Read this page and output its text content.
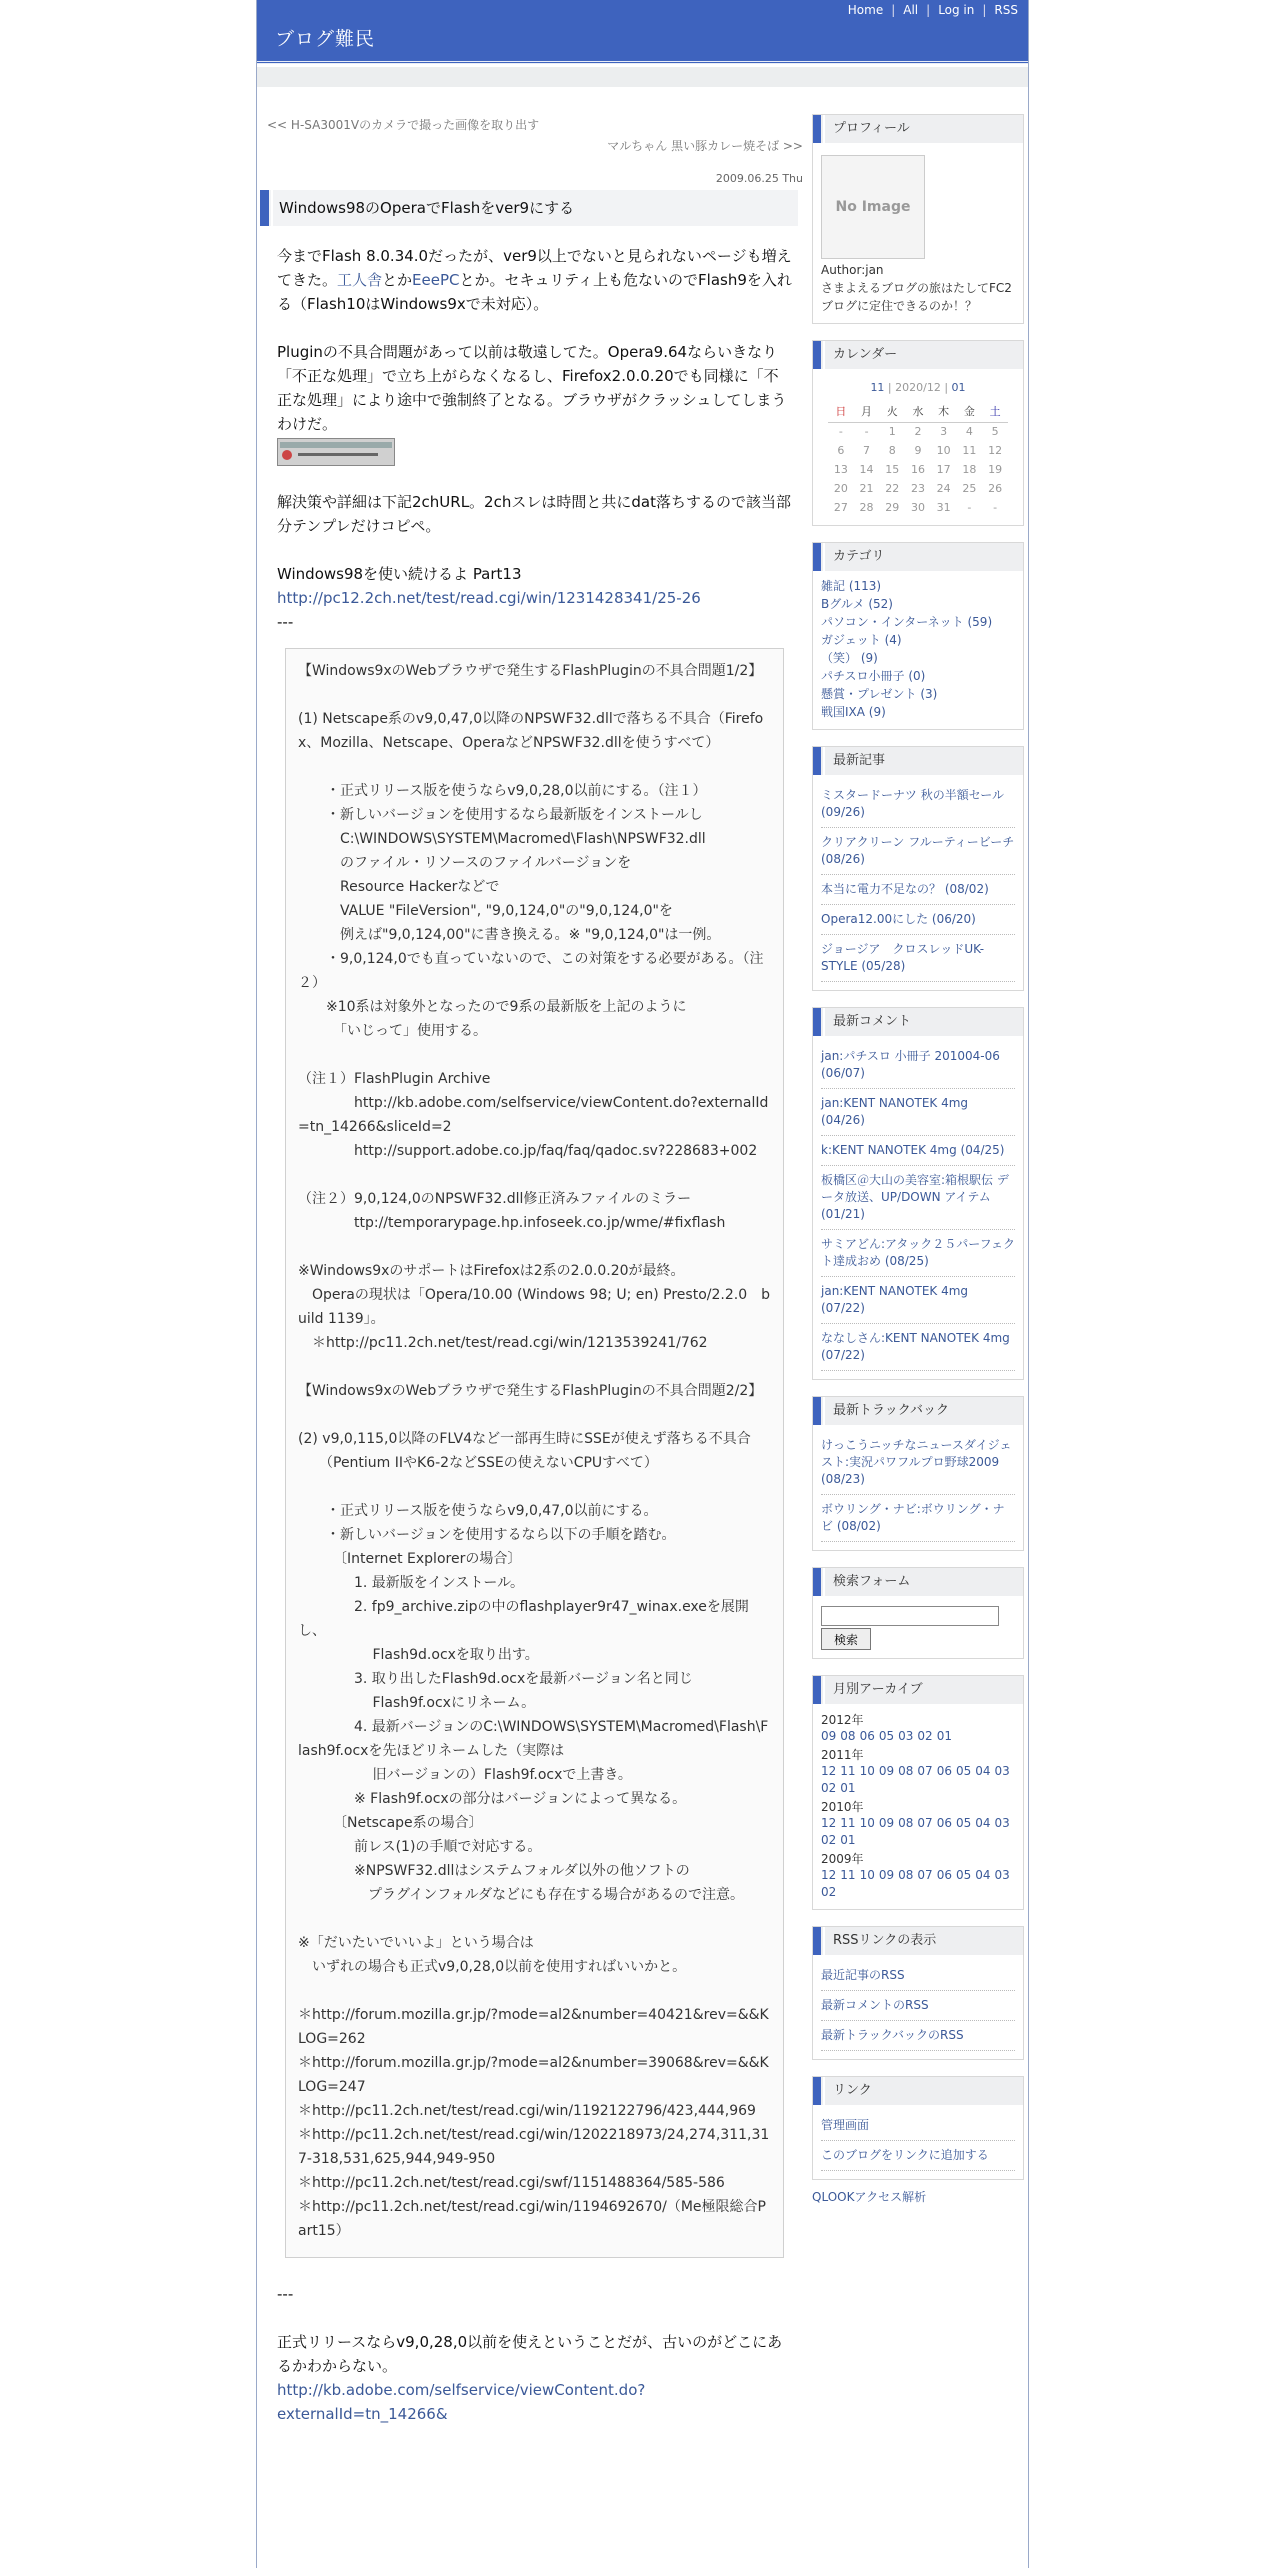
Home | All | Log in | RSS
ブログ難民
<< H-SA3001Vのカメラで撮った画像を取り出す
マルちゃん 黒い豚カレー焼そば >>
2009.06.25 Thu
Windows98のOperaでFlashをver9にする

今までFlash 8.0.34.0だったが、ver9以上でないと見られないページも増えてきた。工人舎とかEeePCとか。セキュリティ上も危ないのでFlash9を入れる（Flash10はWindows9xで未対応）。

Pluginの不具合問題があって以前は敬遠してた。Opera9.64ならいきなり「不正な処理」で立ち上がらなくなるし、Firefox2.0.0.20でも同様に「不正な処理」により途中で強制終了となる。ブラウザがクラッシュしてしまうわけだ。

解決策や詳細は下記2chURL。2chスレは時間と共にdat落ちするので該当部分テンプレだけコピペ。

Windows98を使い続けるよ Part13

http://pc12.2ch.net/test/read.cgi/win/1231428341/25-26

---

【Windows9xのWebブラウザで発生するFlashPluginの不具合問題1/2】

(1) Netscape系のv9,0,47,0以降のNPSWF32.dllで落ちる不具合（Firefox、Mozilla、Netscape、OperaなどNPSWF32.dllを使うすべて）

　　・正式リリース版を使うならv9,0,28,0以前にする。（注１）
　　・新しいバージョンを使用するなら最新版をインストールし
　　　C:\WINDOWS\SYSTEM\Macromed\Flash\NPSWF32.dll
　　　のファイル・リソースのファイルバージョンを
　　　Resource Hackerなどで
　　　VALUE "FileVersion", "9,0,124,0"の"9,0,124,0"を
　　　例えば"9,0,124,00"に書き換える。※ "9,0,124,0"は一例。
　　・9,0,124,0でも直っていないので、この対策をする必要がある。（注２）
　　※10系は対象外となったので9系の最新版を上記のように
　　　「いじって」使用する。

（注１）FlashPlugin Archive
　　　　http://kb.adobe.com/selfservice/viewContent.do?externalId=tn_14266&sliceId=2
　　　　http://support.adobe.co.jp/faq/faq/qadoc.sv?228683+002

（注２）9,0,124,0のNPSWF32.dll修正済みファイルのミラー
　　　　ttp://temporarypage.hp.infoseek.co.jp/wme/#fixflash

※Windows9xのサポートはFirefoxは2系の2.0.0.20が最終。
　Operaの現状は「Opera/10.00 (Windows 98; U; en) Presto/2.2.0　build 1139」。
　＊http://pc11.2ch.net/test/read.cgi/win/1213539241/762

【Windows9xのWebブラウザで発生するFlashPluginの不具合問題2/2】

(2) v9,0,115,0以降のFLV4など一部再生時にSSEが使えず落ちる不具合
　　（Pentium IIやK6-2などSSEの使えないCPUすべて）

　　・正式リリース版を使うならv9,0,47,0以前にする。
　　・新しいバージョンを使用するなら以下の手順を踏む。
　　　〔Internet Explorerの場合〕
　　　　1. 最新版をインストール。
　　　　2. fp9_archive.zipの中のflashplayer9r47_winax.exeを展開し、
　　　　　 Flash9d.ocxを取り出す。
　　　　3. 取り出したFlash9d.ocxを最新バージョン名と同じ
　　　　　 Flash9f.ocxにリネーム。
　　　　4. 最新バージョンのC:\WINDOWS\SYSTEM\Macromed\Flash\Flash9f.ocxを先ほどリネームした（実際は
　　　　　 旧バージョンの）Flash9f.ocxで上書き。
　　　　※ Flash9f.ocxの部分はバージョンによって異なる。
　　　〔Netscape系の場合〕
　　　　前レス(1)の手順で対応する。
　　　　※NPSWF32.dllはシステムフォルダ以外の他ソフトの
　　　　　プラグインフォルダなどにも存在する場合があるので注意。

※「だいたいでいいよ」という場合は
　いずれの場合も正式v9,0,28,0以前を使用すればいいかと。

＊http://forum.mozilla.gr.jp/?mode=al2&number=40421&rev=&&KLOG=262
＊http://forum.mozilla.gr.jp/?mode=al2&number=39068&rev=&&KLOG=247
＊http://pc11.2ch.net/test/read.cgi/win/1192122796/423,444,969
＊http://pc11.2ch.net/test/read.cgi/win/1202218973/24,274,311,317-318,531,625,944,949-950
＊http://pc11.2ch.net/test/read.cgi/swf/1151488364/585-586
＊http://pc11.2ch.net/test/read.cgi/win/1194692670/（Me極限総合Part15）

---

正式リリースならv9,0,28,0以前を使えということだが、古いのがどこにあるかわからない。

http://kb.adobe.com/selfservice/viewContent.do?externalId=tn_14266&

プロフィール
No Image
Author:jan
さまよえるブログの旅はたしてFC2ブログに定住できるのか！？
カレンダー
11 | 2020/12 | 01
日	月	火	水	木	金	土
-	-	1	2	3	4	5
6	7	8	9	10	11	12
13	14	15	16	17	18	19
20	21	22	23	24	25	26
27	28	29	30	31	-	-
カテゴリ
雑記 (113)
Bグルメ (52)
パソコン・インターネット (59)
ガジェット (4)
（笑） (9)
パチスロ小冊子 (0)
懸賞・プレゼント (3)
戦国IXA (9)
最新記事
ミスタードーナツ 秋の半額セール (09/26)
クリアクリーン フルーティービーチ (08/26)
本当に電力不足なの？ (08/02)
Opera12.00にした (06/20)
ジョージア　クロスレッドUK-STYLE (05/28)
最新コメント
jan:パチスロ 小冊子 201004-06 (06/07)
jan:KENT NANOTEK 4mg (04/26)
k:KENT NANOTEK 4mg (04/25)
板橋区＠大山の美容室:箱根駅伝 データ放送、UP/DOWN アイテム (01/21)
サミアどん:アタック２５パーフェクト達成おめ (08/25)
jan:KENT NANOTEK 4mg (07/22)
ななしさん:KENT NANOTEK 4mg (07/22)
最新トラックバック
けっこうニッチなニュースダイジェスト:実況パワフルプロ野球2009 (08/23)
ボウリング・ナビ:ボウリング・ナビ (08/02)
検索フォーム
検索
月別アーカイブ
2012年
09 08 06 05 03 02 01
2011年
12 11 10 09 08 07 06 05 04 0302 01
2010年
12 11 10 09 08 07 06 05 04 0302 01
2009年
12 11 10 09 08 07 06 05 04 0302
RSSリンクの表示
最近記事のRSS
最新コメントのRSS
最新トラックバックのRSS
リンク
管理画面
このブログをリンクに追加する
QLOOKアクセス解析
